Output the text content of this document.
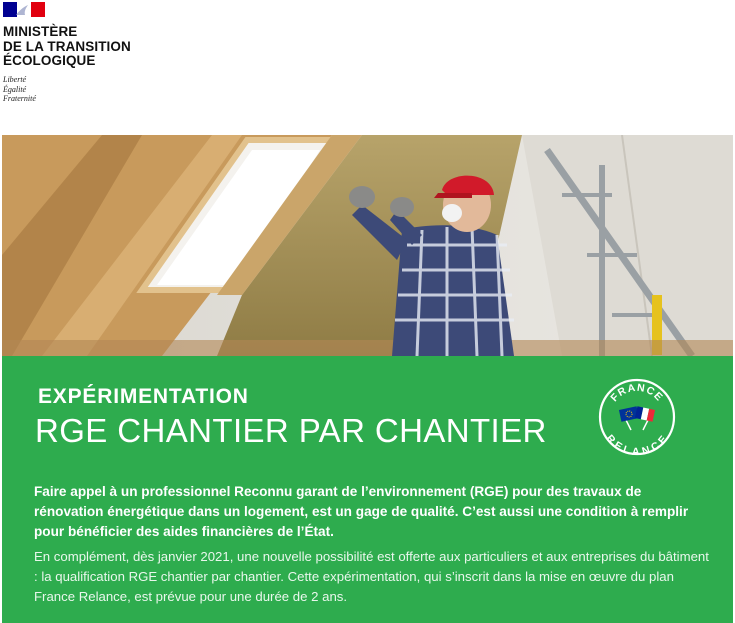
MINISTÈRE
DE LA TRANSITION
ÉCOLOGIQUE
Liberté
Égalité
Fraternité
EXPÉRIMENTATION
RGE CHANTIER PAR CHANTIER
FRANCE
RELANCE

Faire appel à un professionnel Reconnu garant de l’environnement (RGE) pour des travaux de rénovation énergétique dans un logement, est un gage de qualité. C’est aussi une condition à remplir pour bénéficier des aides financières de l’État.

En complément, dès janvier 2021, une nouvelle possibilité est offerte aux particuliers et aux entreprises du bâtiment : la qualification RGE chantier par chantier. Cette expérimentation, qui s’inscrit dans la mise en œuvre du plan France Relance, est prévue pour une durée de 2 ans.
